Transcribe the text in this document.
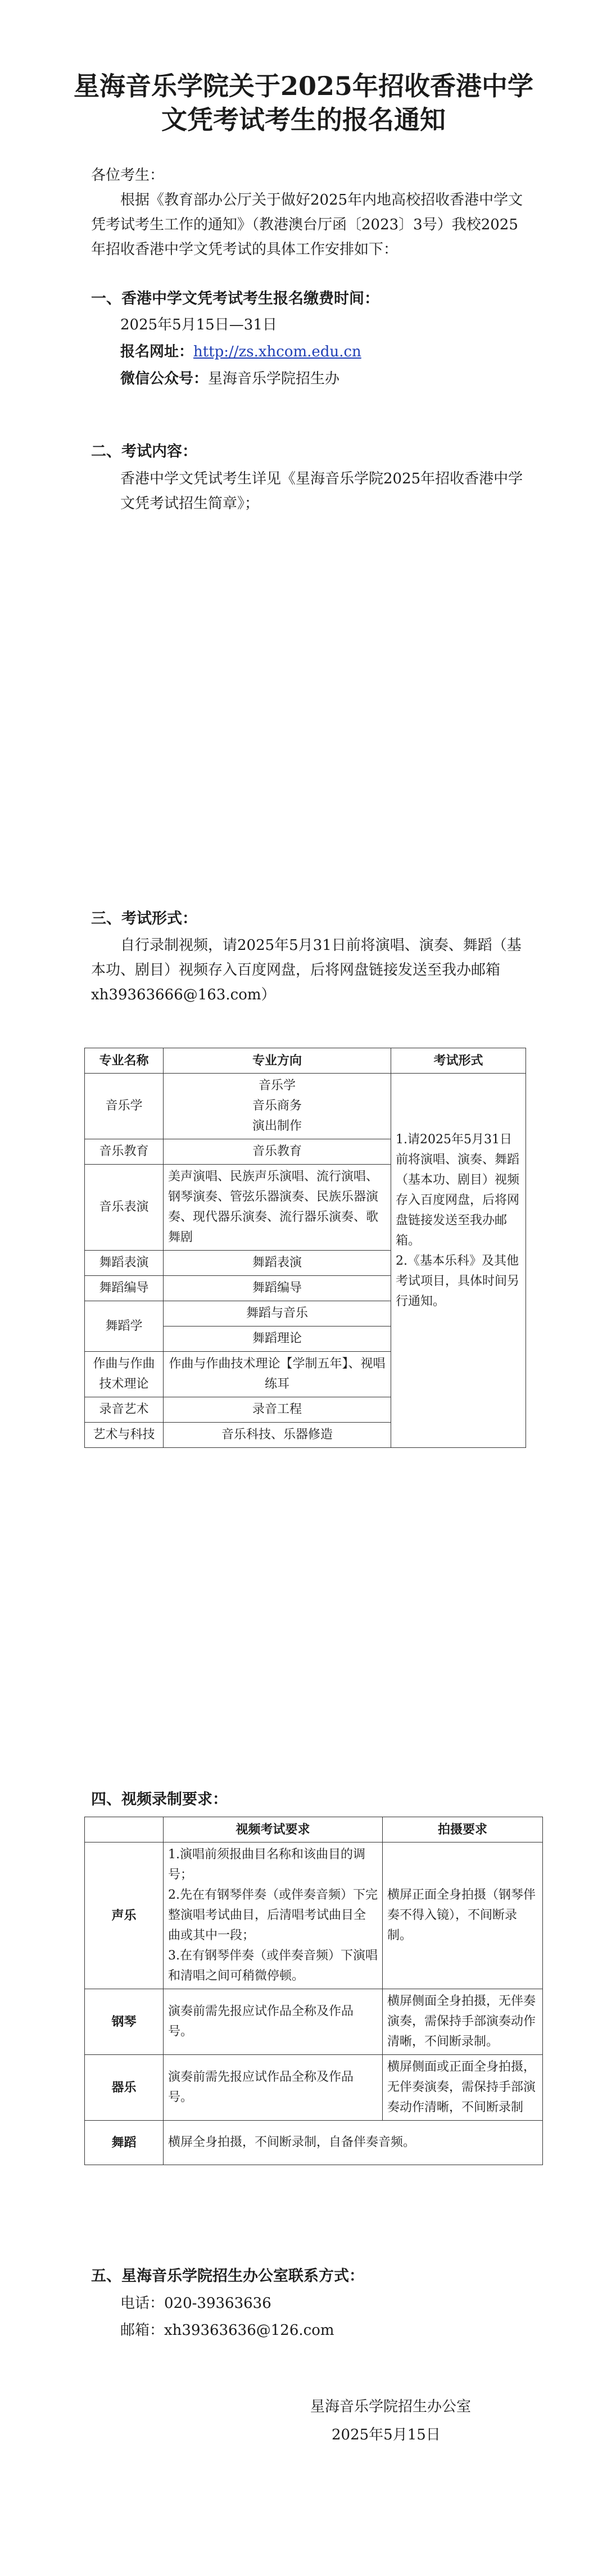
星海音乐学院关于2025年招收香港中学
文凭考试考生的报名通知

各位考生：

根据《教育部办公厅关于做好2025年内地高校招收香港中学文凭考试考生工作的通知》（教港澳台厅函〔2023〕3号）我校2025年招收香港中学文凭考试的具体工作安排如下：

一、香港中学文凭考试考生报名缴费时间：

2025年5月15日—31日

报名网址：http://zs.xhcom.edu.cn

微信公众号：星海音乐学院招生办

二、考试内容：

香港中学文凭试考生详见《星海音乐学院2025年招收香港中学文凭考试招生简章》；

三、考试形式：

自行录制视频，请2025年5月31日前将演唱、演奏、舞蹈（基本功、剧目）视频存入百度网盘，后将网盘链接发送至我办邮箱xh39363666@163.com）

专业名称	专业方向	考试形式
音乐学	音乐学
音乐商务
演出制作	1.请2025年5月31日前将演唱、演奏、舞蹈（基本功、剧目）视频存入百度网盘，后将网盘链接发送至我办邮箱。
2.《基本乐科》及其他考试项目，具体时间另行通知。
音乐教育	音乐教育	
音乐表演	美声演唱、民族声乐演唱、流行演唱、钢琴演奏、管弦乐器演奏、民族乐器演奏、现代器乐演奏、流行器乐演奏、歌舞剧	
舞蹈表演	舞蹈表演	
舞蹈编导	舞蹈编导	
舞蹈学	舞蹈与音乐	
	舞蹈理论	
作曲与作曲技术理论	作曲与作曲技术理论【学制五年】、视唱练耳	
录音艺术	录音工程	
艺术与科技	音乐科技、乐器修造	

四、视频录制要求：

	视频考试要求	拍摄要求
声乐	1.演唱前须报曲目名称和该曲目的调号；
2.先在有钢琴伴奏（或伴奏音频）下完整演唱考试曲目，后清唱考试曲目全曲或其中一段；
3.在有钢琴伴奏（或伴奏音频）下演唱和清唱之间可稍微停顿。	横屏正面全身拍摄（钢琴伴奏不得入镜），不间断录制。
钢琴	演奏前需先报应试作品全称及作品号。	横屏侧面全身拍摄，无伴奏演奏，需保持手部演奏动作清晰，不间断录制。
器乐	演奏前需先报应试作品全称及作品号。	横屏侧面或正面全身拍摄，无伴奏演奏，需保持手部演奏动作清晰，不间断录制
舞蹈	横屏全身拍摄，不间断录制，自备伴奏音频。	

五、星海音乐学院招生办公室联系方式：

电话：020-39363636

邮箱：xh39363636@126.com

星海音乐学院招生办公室
2025年5月15日
